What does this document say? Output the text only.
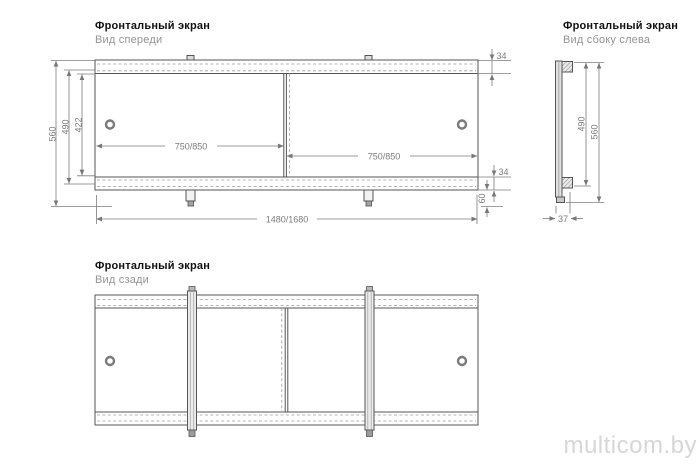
Фронтальный экран
Вид спереди
Фронтальный экран
Вид сбоку слева
Фронтальный экран
Вид сзади
560 490 422
34
34
60
750/850
750/850
1480/1680
490
560
37
multicom.by
